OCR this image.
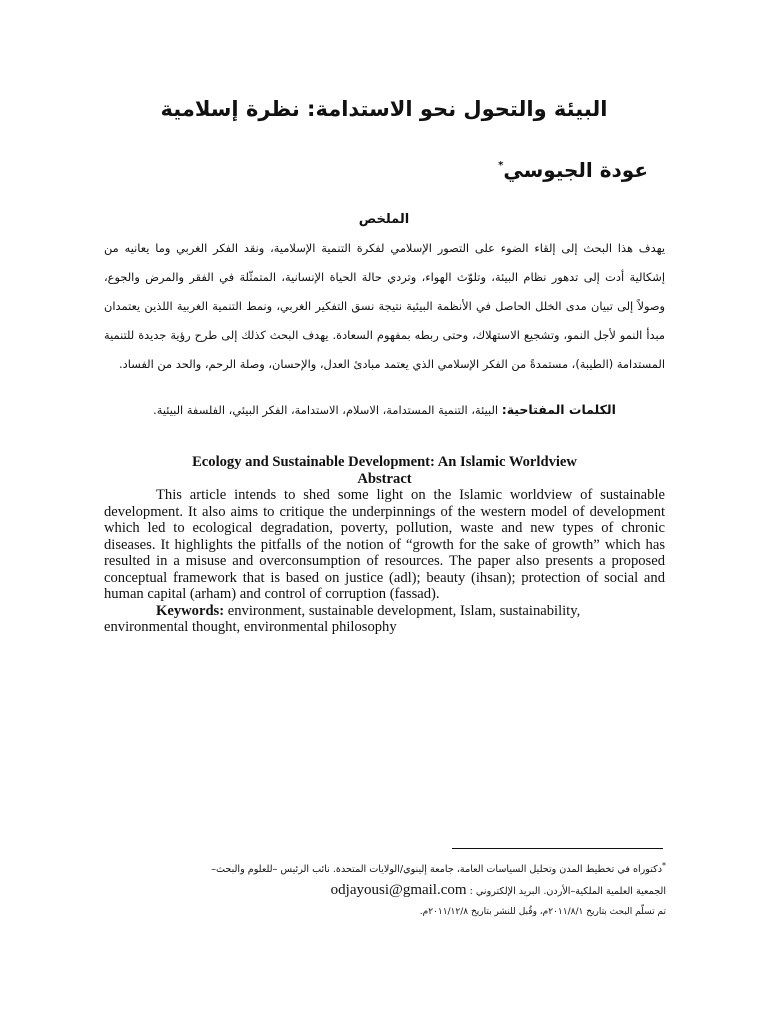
البيئة والتحول نحو الاستدامة: نظرة إسلامية
عودة الجيوسي*
الملخص

يهدف هذا البحث إلى إلقاء الضوء على التصور الإسلامي لفكرة التنمية الإسلامية، ونقد الفكر الغربي وما يعانيه من إشكالية أدت إلى تدهور نظام البيئة، وتلوّث الهواء، وتردي حالة الحياة الإنسانية، المتمثّلة في الفقر والمرض والجوع، وصولاً إلى تبيان مدى الخلل الحاصل في الأنظمة البيئية نتيجة نسق التفكير الغربي، ونمط التنمية الغربية اللذين يعتمدان مبدأ النمو لأجل النمو، وتشجيع الاستهلاك، وحتى ربطه بمفهوم السعادة. يهدف البحث كذلك إلى طرح رؤية جديدة للتنمية المستدامة (الطيبة)، مستمدةً من الفكر الإسلامي الذي يعتمد مبادئ العدل، والإحسان، وصلة الرحم، والحد من الفساد.

الكلمات المفتاحية: البيئة، التنمية المستدامة، الاسلام، الاستدامة، الفكر البيئي، الفلسفة البيئية.

Ecology and Sustainable Development: An Islamic Worldview

Abstract

This article intends to shed some light on the Islamic worldview of sustainable development. It also aims to critique the underpinnings of the western model of development which led to ecological degradation, poverty, pollution, waste and new types of chronic diseases. It highlights the pitfalls of the notion of “growth for the sake of growth” which has resulted in a misuse and overconsumption of resources. The paper also presents a proposed conceptual framework that is based on justice (adl); beauty (ihsan); protection of social and human capital (arham) and control of corruption (fassad).

Keywords: environment, sustainable development, Islam, sustainability, environmental thought, environmental philosophy

*دكتوراه في تخطيط المدن وتحليل السياسات العامة، جامعة إلينوي/الولايات المتحدة. نائب الرئيس –للعلوم والبحث–
الجمعية العلمية الملكية–الأردن. البريد الإلكتروني : odjayousi@gmail.com
تم تسلّم البحث بتاريخ ٢٠١١/٨/١م، وقُبل للنشر بتاريخ ٢٠١١/١٢/٨م.
